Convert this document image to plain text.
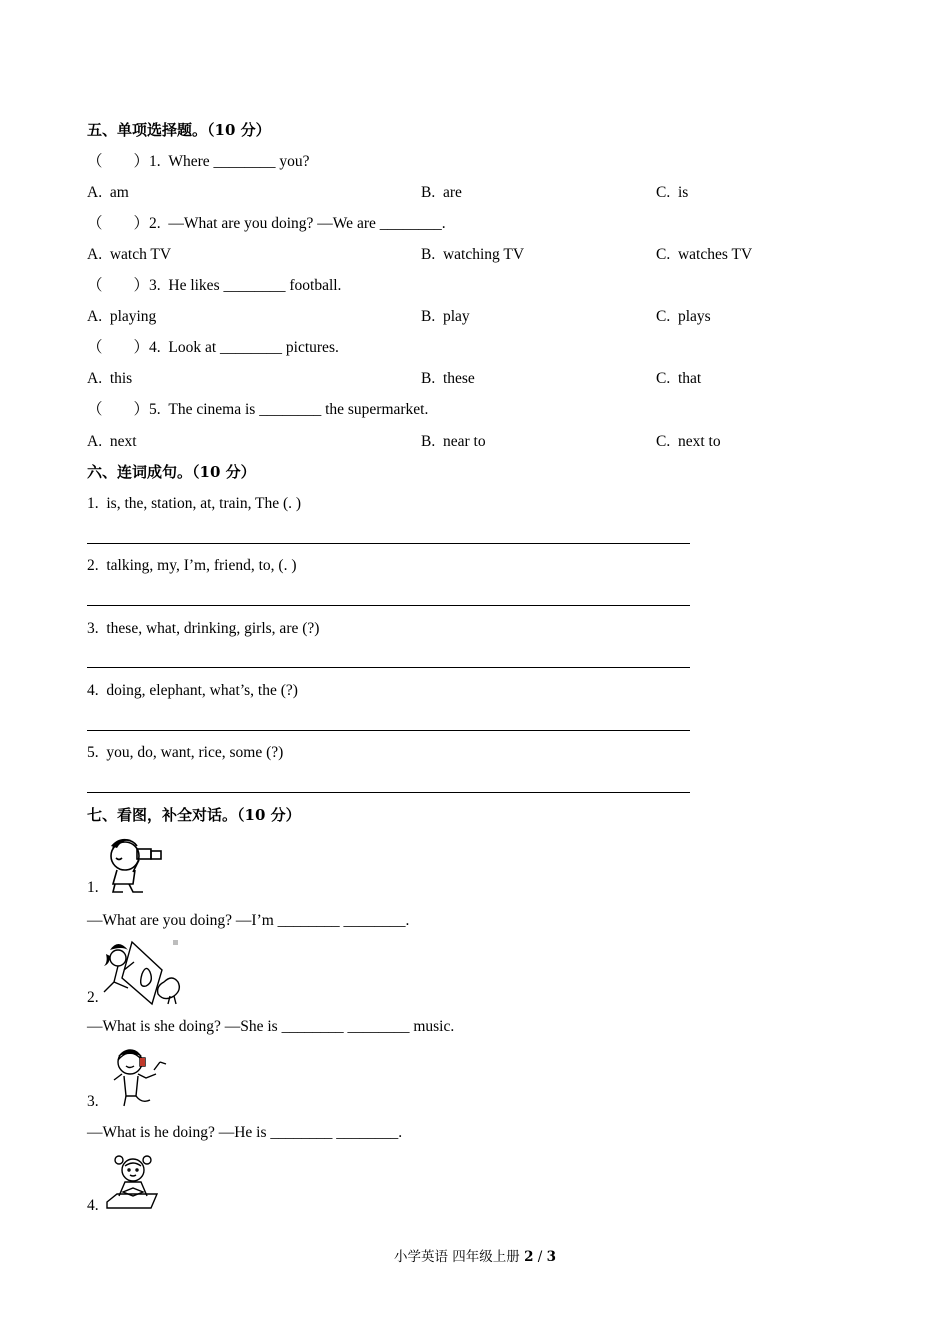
五、单项选择题。（10 分）
（　　）1.  Where ________ you?
A.  am	B.  are	C.  is
（　　）2.  —What are you doing? —We are ________.
A.  watch TV	B.  watching TV	C.  watches TV
（　　）3.  He likes ________ football.
A.  playing	B.  play	C.  plays
（　　）4.  Look at ________ pictures.
A.  this	B.  these	C.  that
（　　）5.  The cinema is ________ the supermarket.
A.  next	B.  near to	C.  next to
六、连词成句。（10 分）
1.  is, the, station, at, train, The (. )
2.  talking, my, I’m, friend, to, (. )
3.  these, what, drinking, girls, are (?)
4.  doing, elephant, what’s, the (?)
5.  you, do, want, rice, some (?)
七、看图，补全对话。（10 分）
1.
—What are you doing? —I’m ________ ________.
2.
—What is she doing? —She is ________ ________ music.
3.
—What is he doing? —He is ________ ________.
4.
小学英语 四年级上册 2 / 3
